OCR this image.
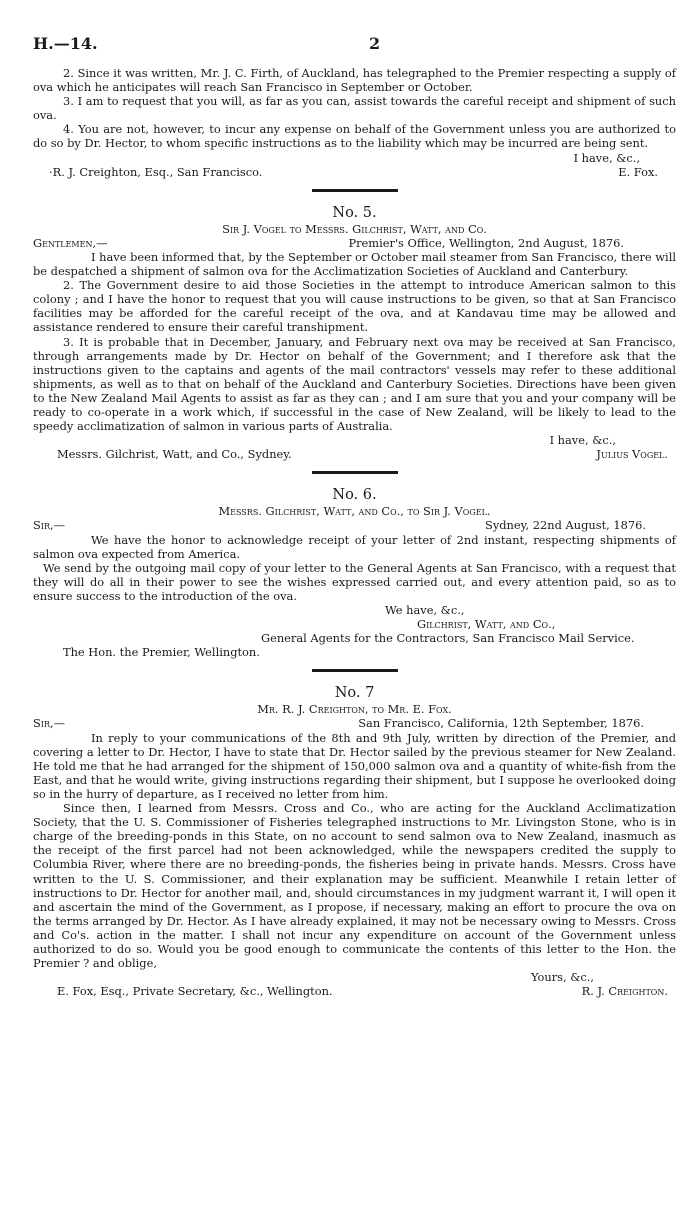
H.—14.	2

2. Since it was written, Mr. J. C. Firth, of Auckland, has telegraphed to the Premier respecting a supply of ova which he anticipates will reach San Francisco in September or October.

3. I am to request that you will, as far as you can, assist towards the careful receipt and shipment of such ova.

4. You are not, however, to incur any expense on behalf of the Government unless you are authorized to do so by Dr. Hector, to whom specific instructions as to the liability which may be incurred are being sent.

I have, &c.,
·R. J. Creighton, Esq., San Francisco.	E. Fox.
No. 5.
Sir J. Vogel to Messrs. Gilchrist, Watt, and Co.
Gentlemen,—	Premier's Office, Wellington, 2nd August, 1876.

I have been informed that, by the September or October mail steamer from San Francisco, there will be despatched a shipment of salmon ova for the Acclimatization Societies of Auckland and Canterbury.

2. The Government desire to aid those Societies in the attempt to introduce American salmon to this colony ; and I have the honor to request that you will cause instructions to be given, so that at San Francisco facilities may be afforded for the careful receipt of the ova, and at Kandavau time may be allowed and assistance rendered to ensure their careful transhipment.

3. It is probable that in December, January, and February next ova may be received at San Francisco, through arrangements made by Dr. Hector on behalf of the Government; and I therefore ask that the instructions given to the captains and agents of the mail contractors' vessels may refer to these additional shipments, as well as to that on behalf of the Auckland and Canterbury Societies. Directions have been given to the New Zealand Mail Agents to assist as far as they can ; and I am sure that you and your company will be ready to co-operate in a work which, if successful in the case of New Zealand, will be likely to lead to the speedy acclimatization of salmon in various parts of Australia.

I have, &c.,
Messrs. Gilchrist, Watt, and Co., Sydney.	Julius Vogel.
No. 6.
Messrs. Gilchrist, Watt, and Co., to Sir J. Vogel.
Sir,—	Sydney, 22nd August, 1876.

We have the honor to acknowledge receipt of your letter of 2nd instant, respecting shipments of salmon ova expected from America.

We send by the outgoing mail copy of your letter to the General Agents at San Francisco, with a request that they will do all in their power to see the wishes expressed carried out, and every attention paid, so as to ensure success to the introduction of the ova.

We have, &c.,
Gilchrist, Watt, and Co.,
General Agents for the Contractors, San Francisco Mail Service.
The Hon. the Premier, Wellington.
No. 7
Mr. R. J. Creighton, to Mr. E. Fox.
Sir,—	San Francisco, California, 12th September, 1876.

In reply to your communications of the 8th and 9th July, written by direction of the Premier, and covering a letter to Dr. Hector, I have to state that Dr. Hector sailed by the previous steamer for New Zealand. He told me that he had arranged for the shipment of 150,000 salmon ova and a quantity of white-fish from the East, and that he would write, giving instructions regarding their shipment, but I suppose he overlooked doing so in the hurry of departure, as I received no letter from him.

Since then, I learned from Messrs. Cross and Co., who are acting for the Auckland Acclimatization Society, that the U. S. Commissioner of Fisheries telegraphed instructions to Mr. Livingston Stone, who is in charge of the breeding-ponds in this State, on no account to send salmon ova to New Zealand, inasmuch as the receipt of the first parcel had not been acknowledged, while the newspapers credited the supply to Columbia River, where there are no breeding-ponds, the fisheries being in private hands. Messrs. Cross have written to the U. S. Commissioner, and their explanation may be sufficient. Meanwhile I retain letter of instructions to Dr. Hector for another mail, and, should circumstances in my judgment warrant it, I will open it and ascertain the mind of the Government, as I propose, if necessary, making an effort to procure the ova on the terms arranged by Dr. Hector. As I have already explained, it may not be necessary owing to Messrs. Cross and Co's. action in the matter. I shall not incur any expenditure on account of the Government unless authorized to do so. Would you be good enough to communicate the contents of this letter to the Hon. the Premier ? and oblige,

Yours, &c.,
E. Fox, Esq., Private Secretary, &c., Wellington.	R. J. Creighton.
